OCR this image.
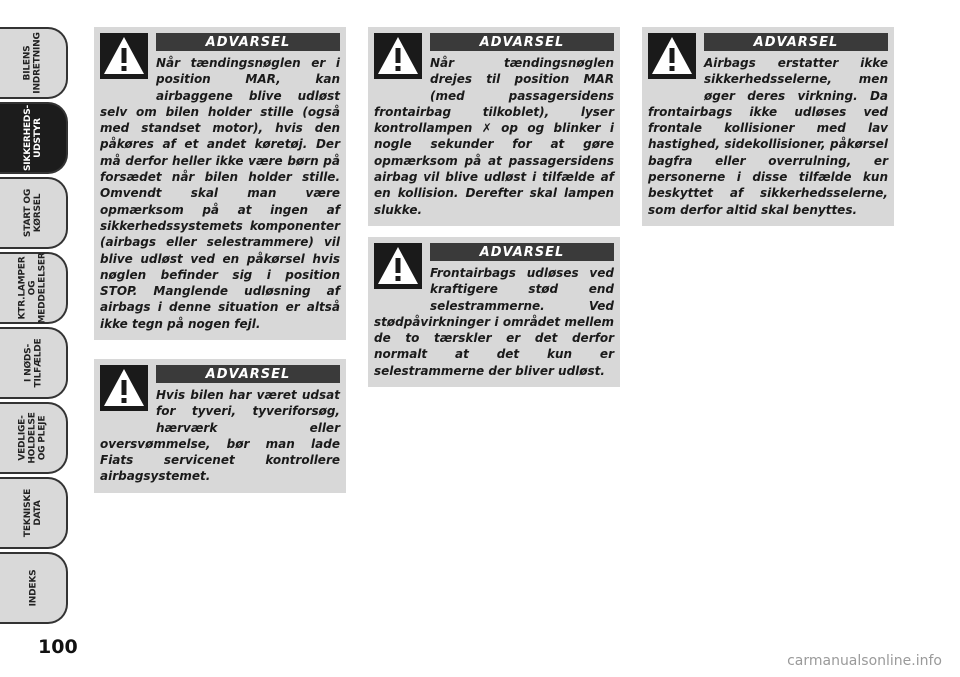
BILENS
INDRETNING
SIKKERHEDS-
UDSTYR
START OG
KØRSEL
KTR.LAMPER
OG
MEDDELELSER
I NØDS-
TILFÆLDE
VEDLIGE-
HOLDELSE
OG PLEJE
TEKNISKE
DATA
INDEKS
100
ADVARSEL

Når tændingsnøglen er i position MAR, kan airbaggene blive udløst selv om bilen holder stille (også med standset motor), hvis den påkøres af et andet køretøj. Der må derfor heller ikke være børn på forsædet når bilen holder stille. Omvendt skal man være opmærksom på at ingen af sikkerhedssystemets komponenter (airbags eller selestrammere) vil blive udløst ved en påkørsel hvis nøglen befinder sig i position STOP. Manglende udløsning af airbags i denne situation er altså ikke tegn på nogen fejl.

ADVARSEL

Hvis bilen har været udsat for tyveri, tyveriforsøg, hærværk eller oversvømmelse, bør man lade Fiats servicenet kontrollere airbagsystemet.

ADVARSEL

Når tændingsnøglen drejes til position MAR (med passagersidens frontairbag tilkoblet), lyser kontrollampen ✗ op og blinker i nogle sekunder for at gøre opmærksom på at passagersidens airbag vil blive udløst i tilfælde af en kollision. Derefter skal lampen slukke.

ADVARSEL

Frontairbags udløses ved kraftigere stød end selestrammerne. Ved stødpåvirkninger i området mellem de to tærskler er det derfor normalt at det kun er selestrammerne der bliver udløst.

ADVARSEL

Airbags erstatter ikke sikkerhedsselerne, men øger deres virkning. Da frontairbags ikke udløses ved frontale kollisioner med lav hastighed, sidekollisioner, påkørsel bagfra eller overrulning, er personerne i disse tilfælde kun beskyttet af sikkerhedsselerne, som derfor altid skal benyttes.

carmanualsonline.info
